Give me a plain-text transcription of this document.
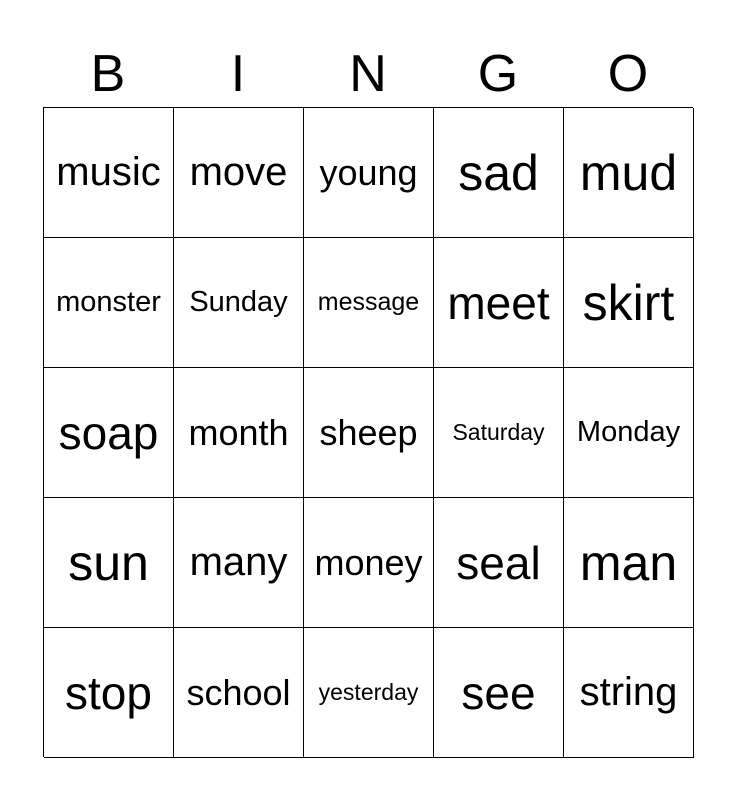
B	I	N	G	O
music move young sad mud
monster Sunday	message meet skirt
soap month sheep	Saturday	Monday
sun	many money seal man
stop school	yesterday see	string
